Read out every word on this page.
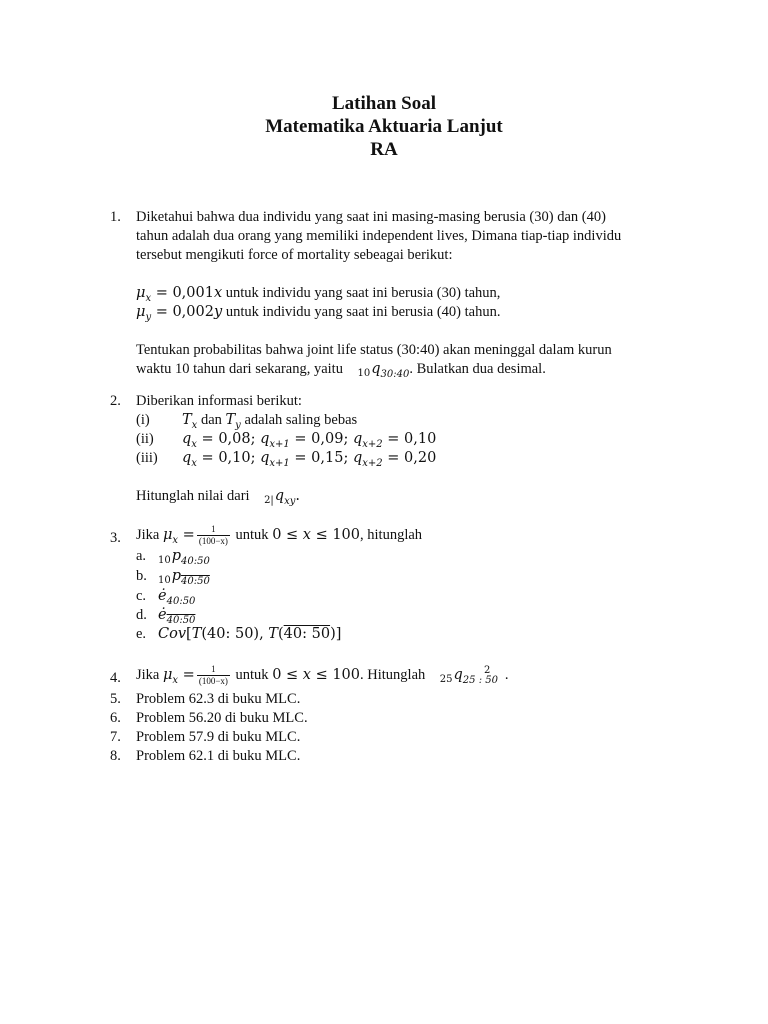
Latihan Soal
Matematika Aktuaria Lanjut
RA
1.	Diketahui bahwa dua individu yang saat ini masing-masing berusia (30) dan (40)
tahun adalah dua orang yang memiliki independent lives, Dimana tiap-tiap individu
tersebut mengikuti force of mortality sebeagai berikut:
$\mu_x = 0,001x$ untuk individu yang saat ini berusia (30) tahun,
$\mu_y = 0,002y$ untuk individu yang saat ini berusia (40) tahun.
Tentukan probabilitas bahwa joint life status (30:40) akan meninggal dalam kurun
waktu 10 tahun dari sekarang, yaitu $_{10}q_{30:40}$. Bulatkan dua desimal.
2.	Diberikan informasi berikut:
(i) $T_x$ dan $T_y$ adalah saling bebas
(ii) $q_x = 0,08$; $q_{x+1} = 0,09$; $q_{x+2} = 0,10$
(iii) $q_x = 0,10$; $q_{x+1} = 0,15$; $q_{x+2} = 0,20$
Hitunglah nilai dari $_{2|}q_{xy}$.
3.	Jika $\mu_x = \frac{1}{(100-x)}$ untuk 0 ≤ x ≤ 100, hitunglah
a. $_{10}p_{40:50}$
b. $_{10}p_{40:50}$
c. $ė_{40:50}$
d. $ė_{40:50}$
e. Cov[T(40: 50), T(40: 50)]
4.	Jika $\mu_x = \frac{1}{(100-x)}$ untuk 0 ≤ x ≤ 100. Hitunglah $_{25}q_{25 : 50}^2$ .
5.	Problem 62.3 di buku MLC.
6.	Problem 56.20 di buku MLC.
7.	Problem 57.9 di buku MLC.
8.	Problem 62.1 di buku MLC.
